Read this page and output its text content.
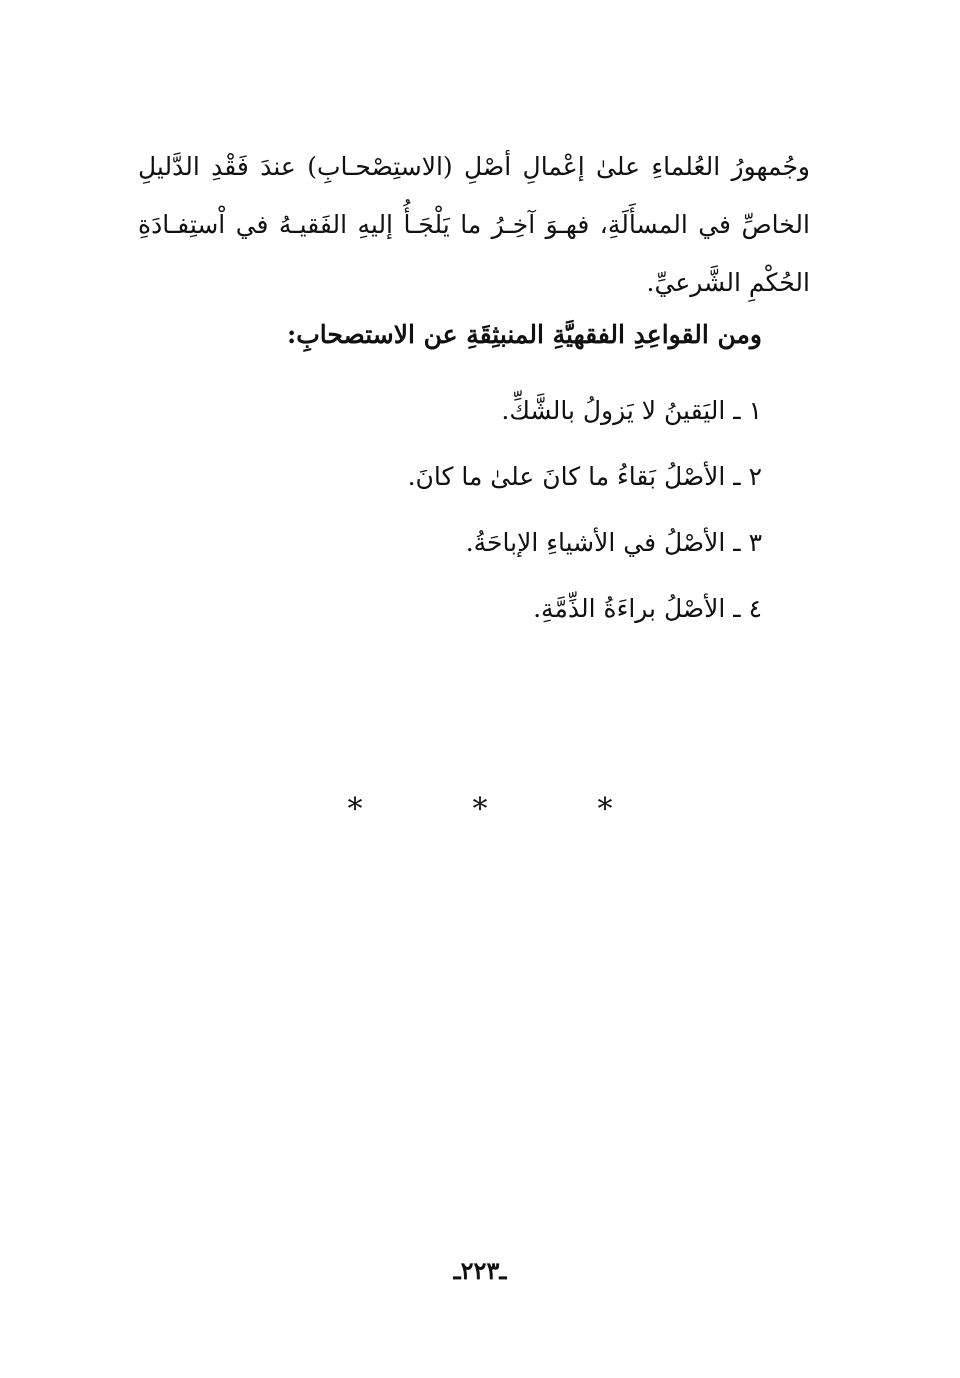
وجُمهورُ العُلماءِ علىٰ إعْمالِ أصْلِ (الاستِصْحـابِ) عندَ فَقْدِ الدَّليلِ الخاصِّ في المسأَلَةِ، فهـوَ آخِـرُ ما يَلْجَـأُ إليهِ الفَقيـهُ في اْستِفـادَةِ الحُكْمِ الشَّرعيِّ.

ومن القواعِدِ الفقهيَّةِ المنبثِقَةِ عن الاستصحابِ:
١ ـ اليَقينُ لا يَزولُ بالشَّكِّ.
٢ ـ الأصْلُ بَقاءُ ما كانَ علىٰ ما كانَ.
٣ ـ الأصْلُ في الأشياءِ الإباحَةُ.
٤ ـ الأصْلُ براءَةُ الذِّمَّةِ.
*	*	*
ـ٢٢٣ـ
